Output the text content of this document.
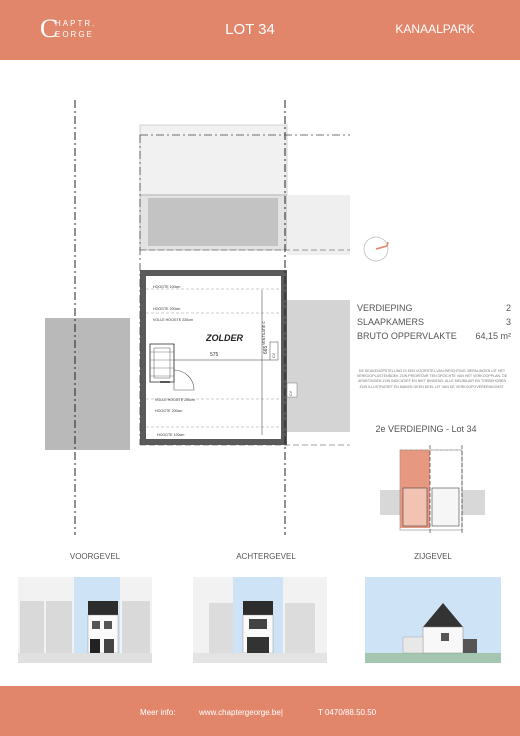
C
HAPTR.
EORGE	LOT 34	KANAALPARK
ZOLDER
575
665
HOOGTE 100cm
HOOGTE 200cm
VOLLE HOOGTE 230cm
VOLLE HOOGTE 250cm
HOOGTE 200cm
HOOGTE 100cm
VENTILATIE C
CV
CV
VERDIEPING	2
SLAAPKAMERS	3
BRUTO OPPERVLAKTE 64,15 m²
DE KEUKENOPSTELLING IS EEN VOORSTEL VAN INRICHTING. BEPALINGEN UIT HET VERKOOPLASTENBOEK ZIJN PRIORITAIR TEN OPZICHTE VAN HET VERKOOPPLAN. DE AFMETINGEN ZIJN INDICATIEF EN NIET BINDEND. ALLE MEUBILAIR EN TOEBEHOREN ZIJN ILLUSTRATIEF EN MAKEN GEEN DEEL UIT VAN DE VERKOOPOVEREENKOMST.
2e VERDIEPING - Lot 34
VOORGEVEL	ACHTERGEVEL	ZIJGEVEL
Meer info:	www.chaptergeorge.be|	T 0470/88.50.50
